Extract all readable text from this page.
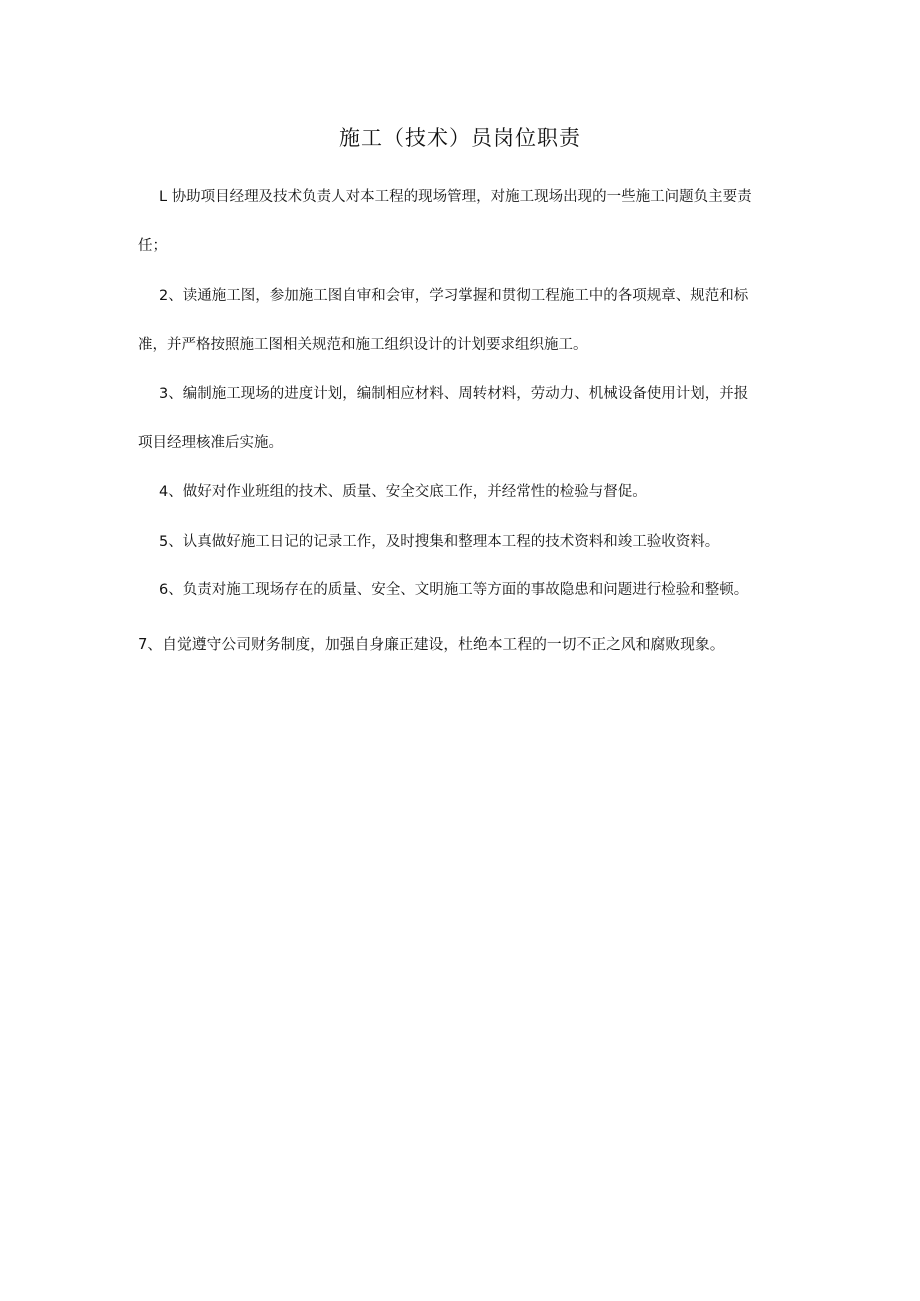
施工（技术）员岗位职责
L 协助项目经理及技术负责人对本工程的现场管理，对施工现场出现的一些施工问题负主要责
任；
2、读通施工图，参加施工图自审和会审，学习掌握和贯彻工程施工中的各项规章、规范和标
准，并严格按照施工图相关规范和施工组织设计的计划要求组织施工。
3、编制施工现场的进度计划，编制相应材料、周转材料，劳动力、机械设备使用计划，并报
项目经理核准后实施。
4、做好对作业班组的技术、质量、安全交底工作，并经常性的检验与督促。
5、认真做好施工日记的记录工作，及时搜集和整理本工程的技术资料和竣工验收资料。
6、负责对施工现场存在的质量、安全、文明施工等方面的事故隐患和问题进行检验和整顿。
7、自觉遵守公司财务制度，加强自身廉正建设，杜绝本工程的一切不正之风和腐败现象。
